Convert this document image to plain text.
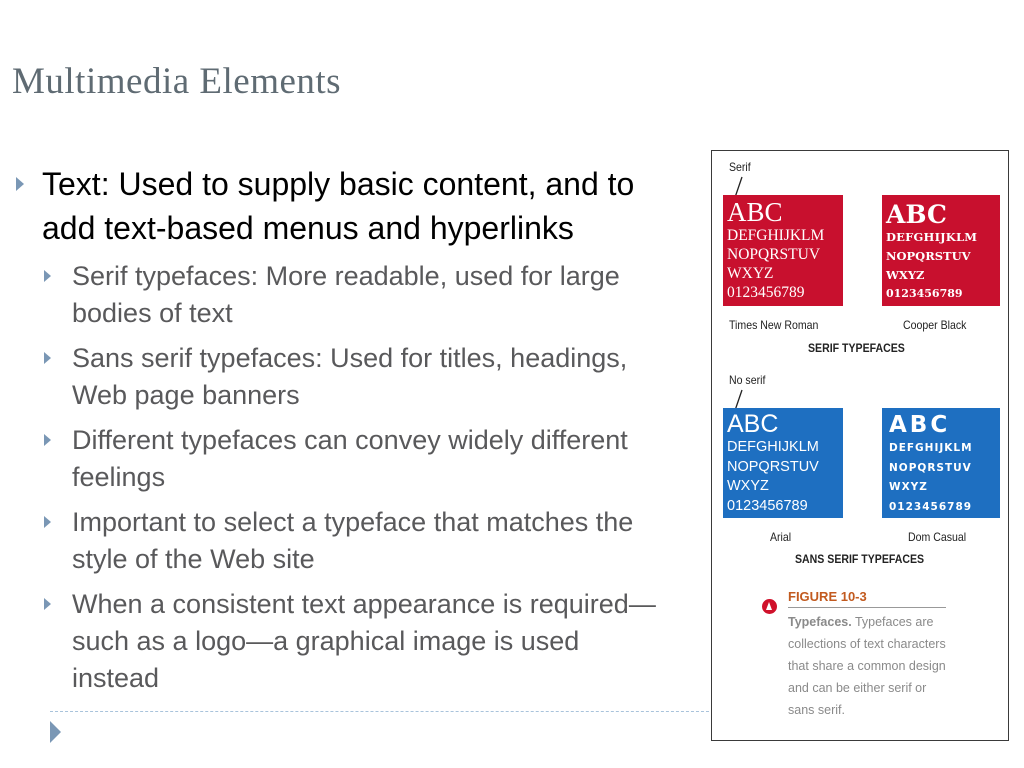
Multimedia Elements
Text: Used to supply basic content, and to add text-based menus and hyperlinks
Serif typefaces: More readable, used for large bodies of text
Sans serif typefaces: Used for titles, headings, Web page banners
Different typefaces can convey widely different feelings
Important to select a typeface that matches the style of the Web site
When a consistent text appearance is required—such as a logo—a graphical image is used instead
Serif
ABC
DEFGHIJKLM
NOPQRSTUV
WXYZ
0123456789
ABC
DEFGHIJKLM
NOPQRSTUV
WXYZ
0123456789
Times New Roman	Cooper Black
SERIF TYPEFACES
No serif
ABC
DEFGHIJKLM
NOPQRSTUV
WXYZ
0123456789
ABC
DEFGHIJKLM
NOPQRSTUV
WXYZ
0123456789
Arial	Dom Casual
SANS SERIF TYPEFACES
FIGURE 10-3
Typefaces. Typefaces are collections of text characters that share a common design and can be either serif or sans serif.
